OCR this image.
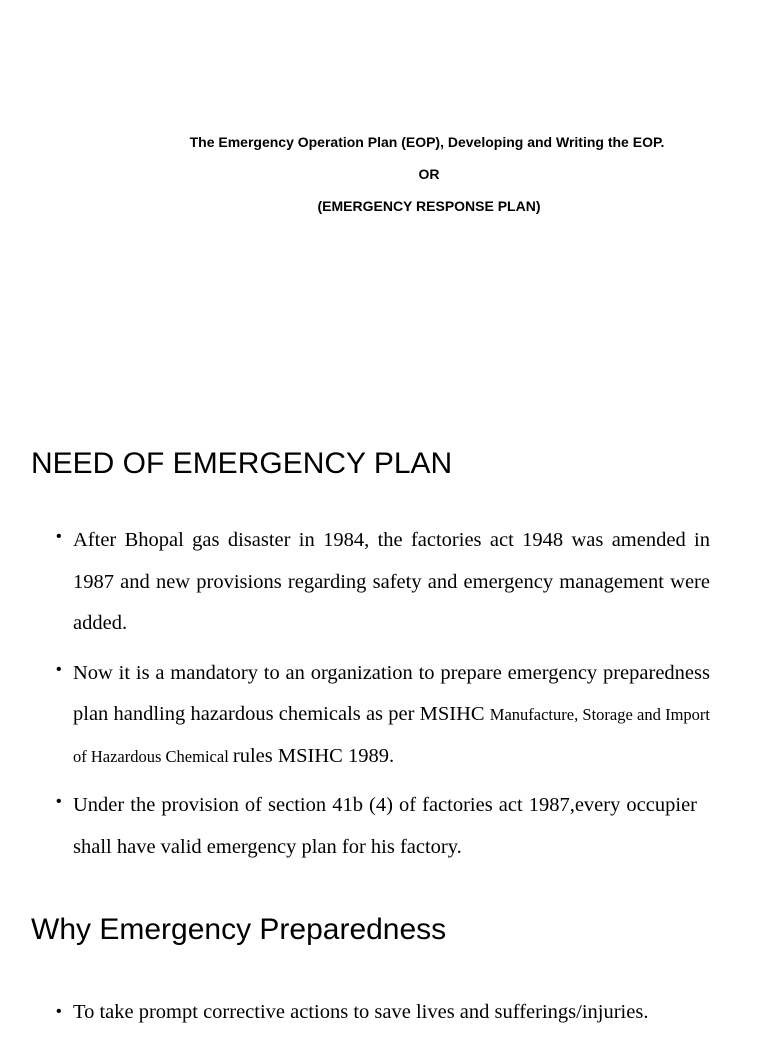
The Emergency Operation Plan (EOP), Developing and Writing the EOP.
OR
(EMERGENCY RESPONSE PLAN)
NEED OF EMERGENCY PLAN
• After Bhopal gas disaster in 1984, the factories act 1948 was amended in 1987 and new provisions regarding safety and emergency management were added.
• Now it is a mandatory to an organization to prepare emergency preparedness plan handling hazardous chemicals as per MSIHC Manufacture, Storage and Import of Hazardous Chemical rules MSIHC 1989.
• Under the provision of section 41b (4) of factories act 1987,every occupier shall have valid emergency plan for his factory.
Why Emergency Preparedness
• To take prompt corrective actions to save lives and sufferings/injuries.
